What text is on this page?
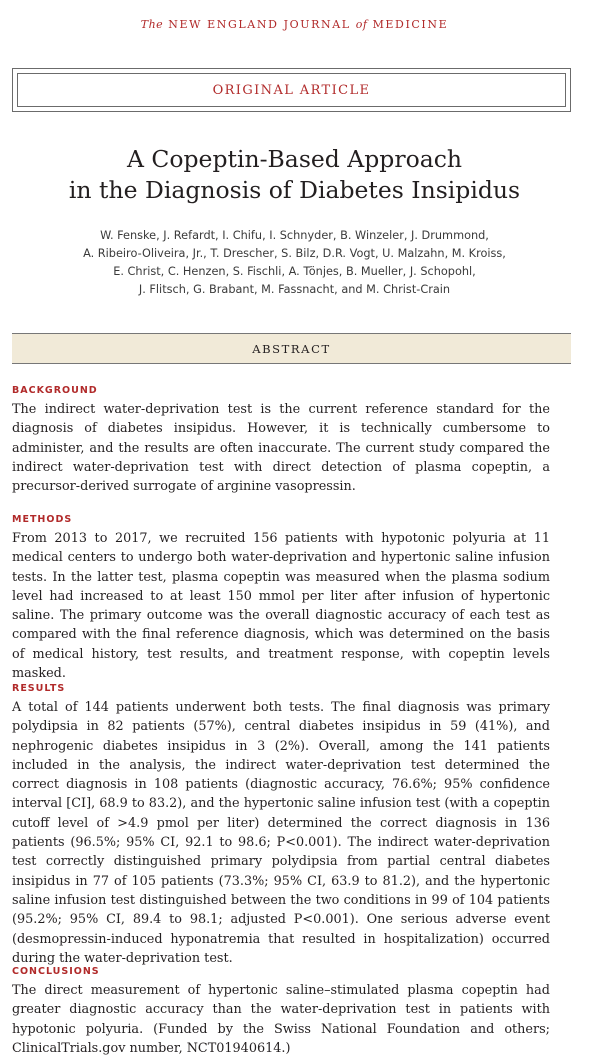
The NEW ENGLAND JOURNAL of MEDICINE
ORIGINAL ARTICLE
A Copeptin-Based Approach
in the Diagnosis of Diabetes Insipidus
W. Fenske, J. Refardt, I. Chifu, I. Schnyder, B. Winzeler, J. Drummond,
A. Ribeiro-Oliveira, Jr., T. Drescher, S. Bilz, D.R. Vogt, U. Malzahn, M. Kroiss,
E. Christ, C. Henzen, S. Fischli, A. Tönjes, B. Mueller, J. Schopohl,
J. Flitsch, G. Brabant, M. Fassnacht, and M. Christ-Crain
ABSTRACT
BACKGROUND
The indirect water-deprivation test is the current reference standard for the diagnosis of diabetes insipidus. However, it is technically cumbersome to administer, and the results are often inaccurate. The current study compared the indirect water-deprivation test with direct detection of plasma copeptin, a precursor-derived surrogate of arginine vasopressin.
METHODS
From 2013 to 2017, we recruited 156 patients with hypotonic polyuria at 11 medical centers to undergo both water-deprivation and hypertonic saline infusion tests. In the latter test, plasma copeptin was measured when the plasma sodium level had increased to at least 150 mmol per liter after infusion of hypertonic saline. The primary outcome was the overall diagnostic accuracy of each test as compared with the final reference diagnosis, which was determined on the basis of medical history, test results, and treatment response, with copeptin levels masked.
RESULTS
A total of 144 patients underwent both tests. The final diagnosis was primary polydipsia in 82 patients (57%), central diabetes insipidus in 59 (41%), and nephrogenic diabetes insipidus in 3 (2%). Overall, among the 141 patients included in the analysis, the indirect water-deprivation test determined the correct diagnosis in 108 patients (diagnostic accuracy, 76.6%; 95% confidence interval [CI], 68.9 to 83.2), and the hypertonic saline infusion test (with a copeptin cutoff level of >4.9 pmol per liter) determined the correct diagnosis in 136 patients (96.5%; 95% CI, 92.1 to 98.6; P<0.001). The indirect water-deprivation test correctly distinguished primary polydipsia from partial central diabetes insipidus in 77 of 105 patients (73.3%; 95% CI, 63.9 to 81.2), and the hypertonic saline infusion test distinguished between the two conditions in 99 of 104 patients (95.2%; 95% CI, 89.4 to 98.1; adjusted P<0.001). One serious adverse event (desmopressin-induced hyponatremia that resulted in hospitalization) occurred during the water-deprivation test.
CONCLUSIONS
The direct measurement of hypertonic saline–stimulated plasma copeptin had greater diagnostic accuracy than the water-deprivation test in patients with hypotonic polyuria. (Funded by the Swiss National Foundation and others; ClinicalTrials.gov number, NCT01940614.)
